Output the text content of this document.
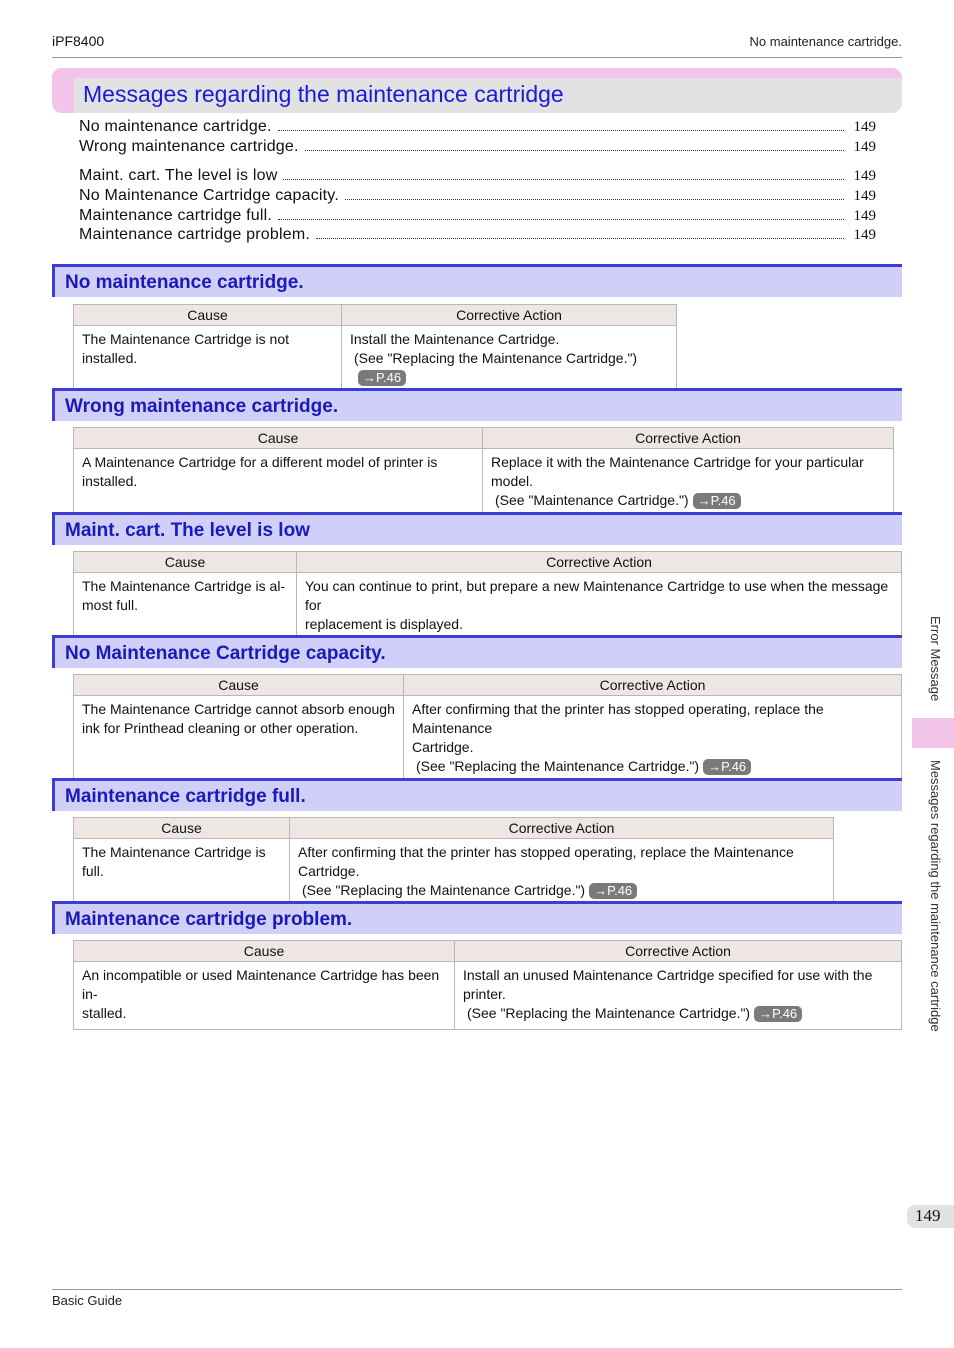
iPF8400	No maintenance cartridge.
Messages regarding the maintenance cartridge
No maintenance cartridge.	149
Wrong maintenance cartridge.	149
Maint. cart. The level is low	149
No Maintenance Cartridge capacity.	149
Maintenance cartridge full.	149
Maintenance cartridge problem.	149
No maintenance cartridge.
Cause	Corrective Action
The Maintenance Cartridge is not installed.	Install the Maintenance Cartridge.
(See "Replacing the Maintenance Cartridge.")→P.46
Wrong maintenance cartridge.
Cause	Corrective Action
A Maintenance Cartridge for a different model of printer is installed.	Replace it with the Maintenance Cartridge for your particular model.
(See "Maintenance Cartridge.") →P.46
Maint. cart. The level is low
Cause	Corrective Action
The Maintenance Cartridge is al-
most full.	You can continue to print, but prepare a new Maintenance Cartridge to use when the message for
replacement is displayed.
No Maintenance Cartridge capacity.
Cause	Corrective Action
The Maintenance Cartridge cannot absorb enough
ink for Printhead cleaning or other operation.	After confirming that the printer has stopped operating, replace the Maintenance
Cartridge.
(See "Replacing the Maintenance Cartridge.") →P.46
Maintenance cartridge full.
Cause	Corrective Action
The Maintenance Cartridge is full.	After confirming that the printer has stopped operating, replace the Maintenance Cartridge.
(See "Replacing the Maintenance Cartridge.") →P.46
Maintenance cartridge problem.
Cause	Corrective Action
An incompatible or used Maintenance Cartridge has been in-
stalled.	Install an unused Maintenance Cartridge specified for use with the printer.
(See "Replacing the Maintenance Cartridge.") →P.46
Error Message
Messages regarding the maintenance cartridge
149
Basic Guide
